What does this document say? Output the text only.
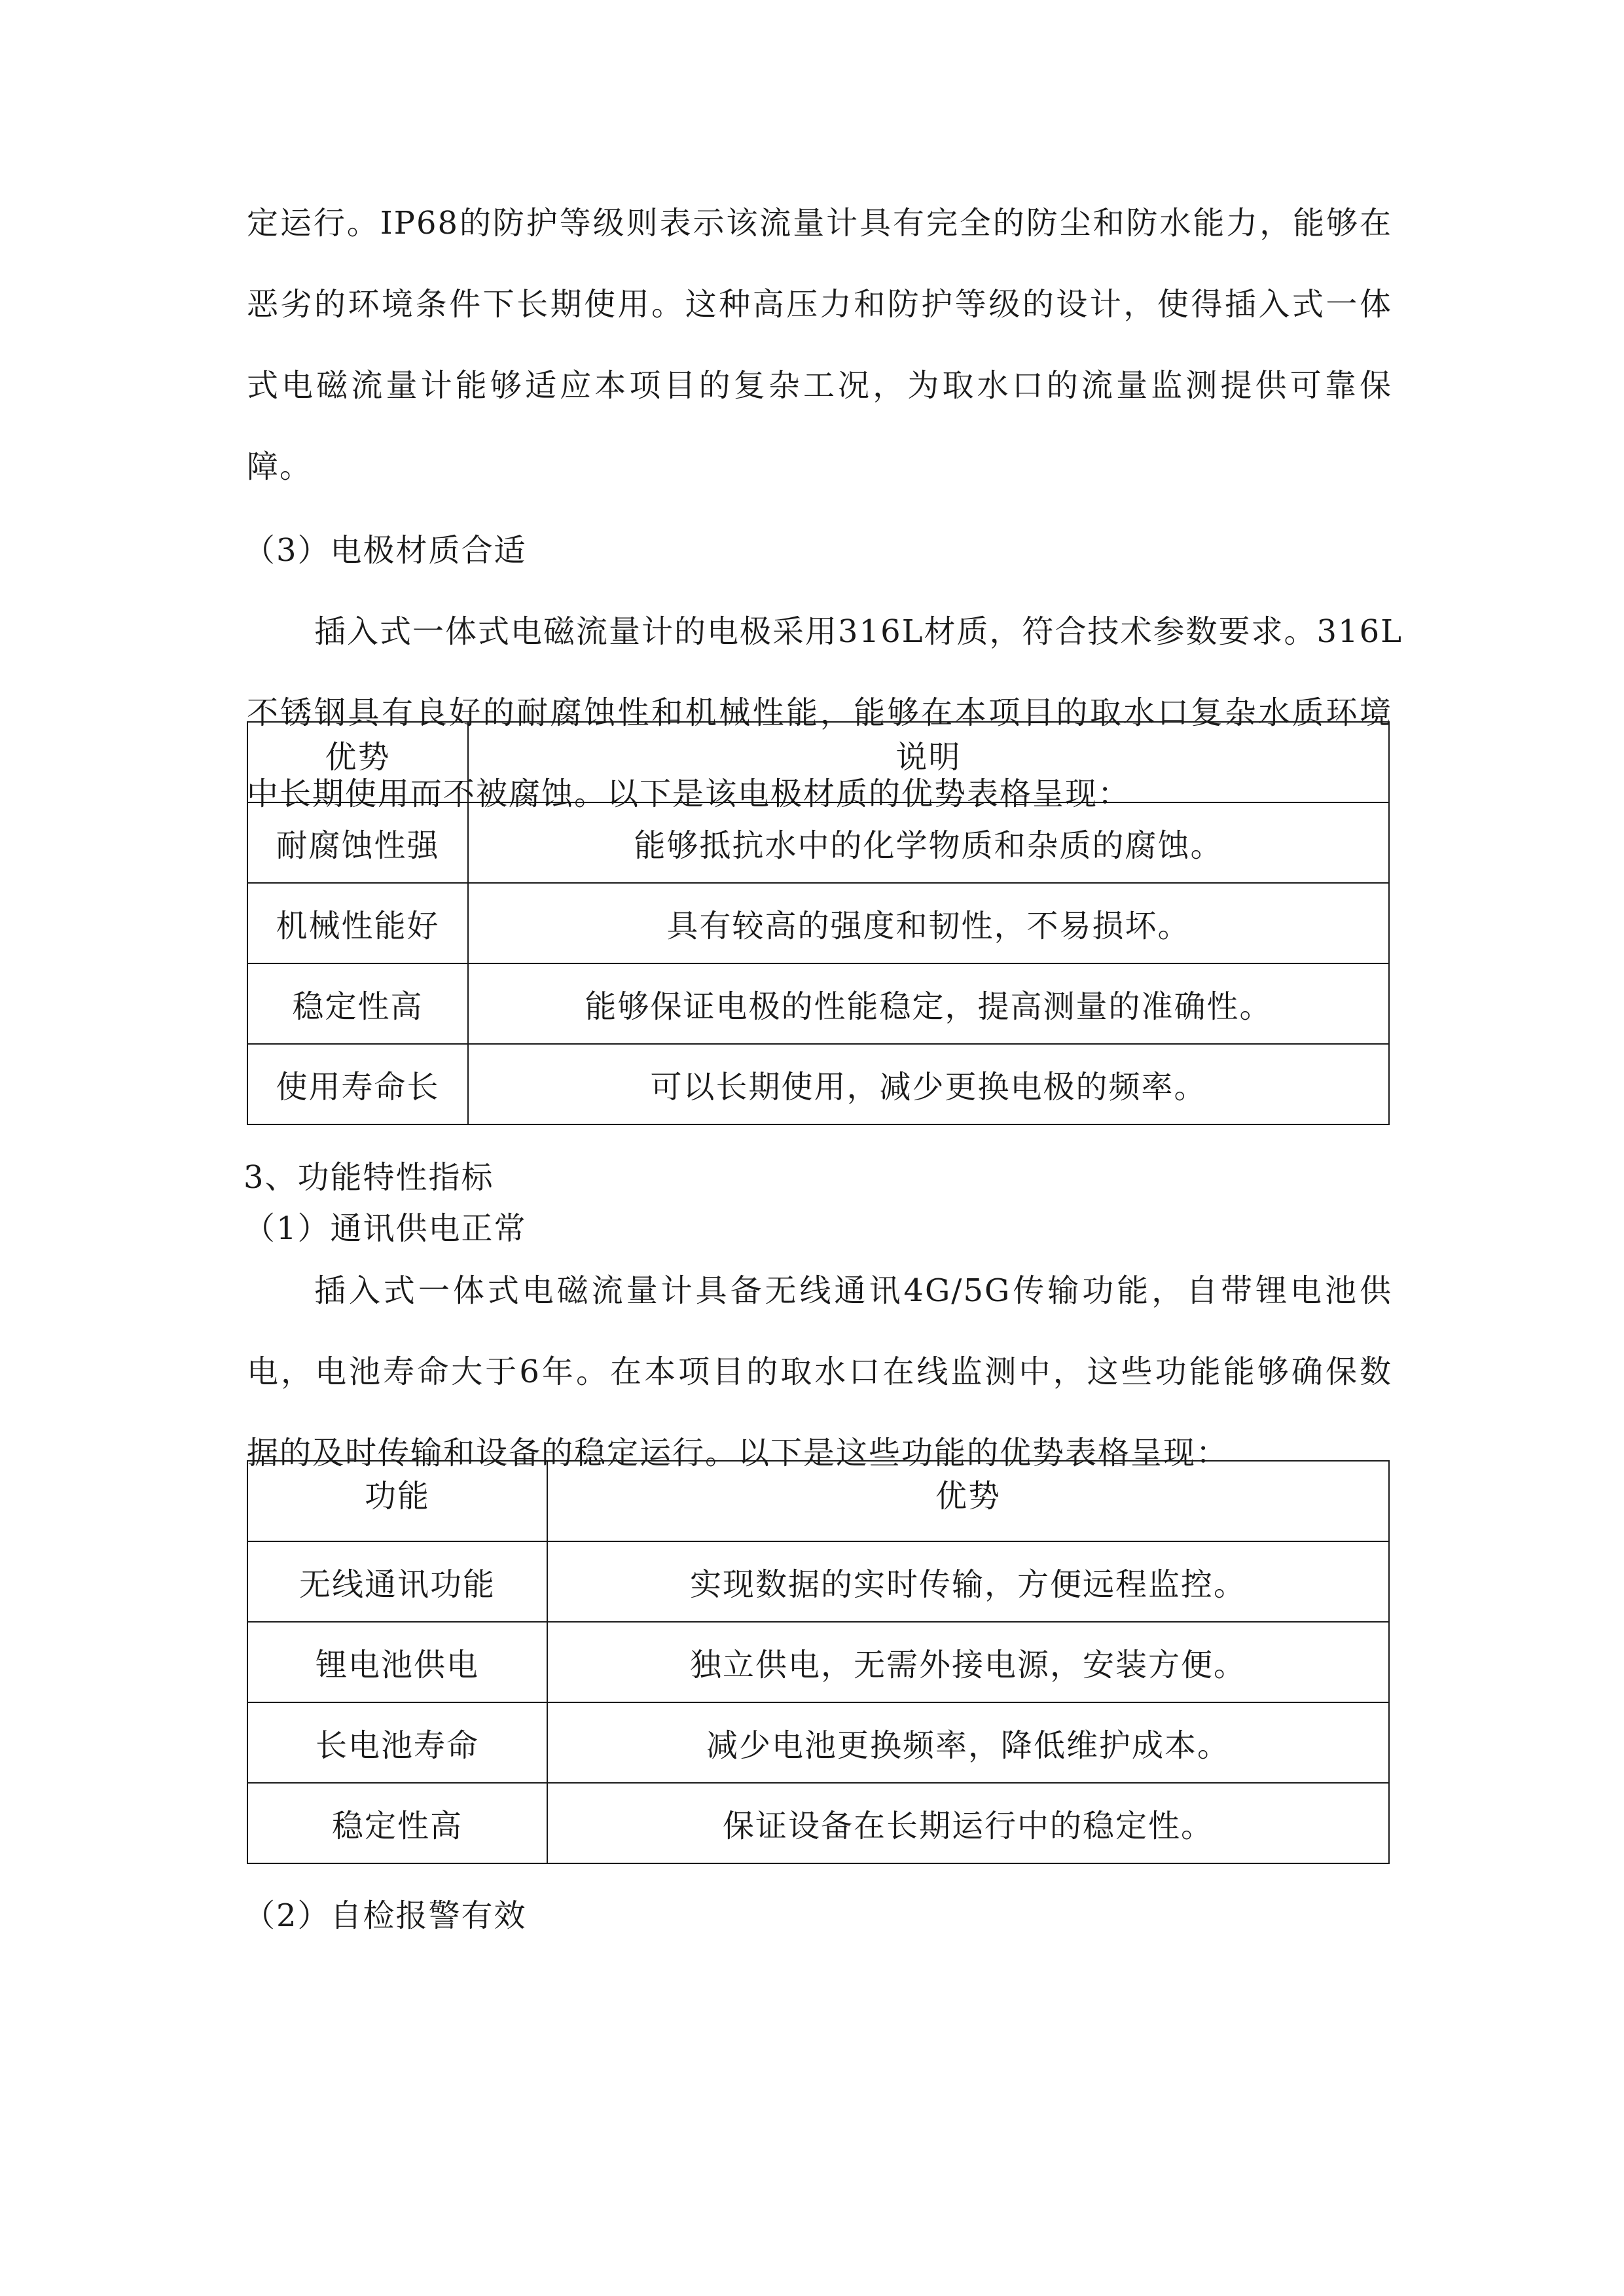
定运行。IP68的防护等级则表示该流量计具有完全的防尘和防水能力，能够在
恶劣的环境条件下长期使用。这种高压力和防护等级的设计，使得插入式一体
式电磁流量计能够适应本项目的复杂工况，为取水口的流量监测提供可靠保
障。
（3）电极材质合适
插入式一体式电磁流量计的电极采用316L材质，符合技术参数要求。316L
不锈钢具有良好的耐腐蚀性和机械性能，能够在本项目的取水口复杂水质环境
中长期使用而不被腐蚀。以下是该电极材质的优势表格呈现：
优势	说明
耐腐蚀性强	能够抵抗水中的化学物质和杂质的腐蚀。
机械性能好	具有较高的强度和韧性，不易损坏。
稳定性高	能够保证电极的性能稳定，提高测量的准确性。
使用寿命长	可以长期使用，减少更换电极的频率。
3、功能特性指标
（1）通讯供电正常
插入式一体式电磁流量计具备无线通讯4G/5G传输功能，自带锂电池供
电，电池寿命大于6年。在本项目的取水口在线监测中，这些功能能够确保数
据的及时传输和设备的稳定运行。以下是这些功能的优势表格呈现：
功能	优势
无线通讯功能	实现数据的实时传输，方便远程监控。
锂电池供电	独立供电，无需外接电源，安装方便。
长电池寿命	减少电池更换频率，降低维护成本。
稳定性高	保证设备在长期运行中的稳定性。
（2）自检报警有效
